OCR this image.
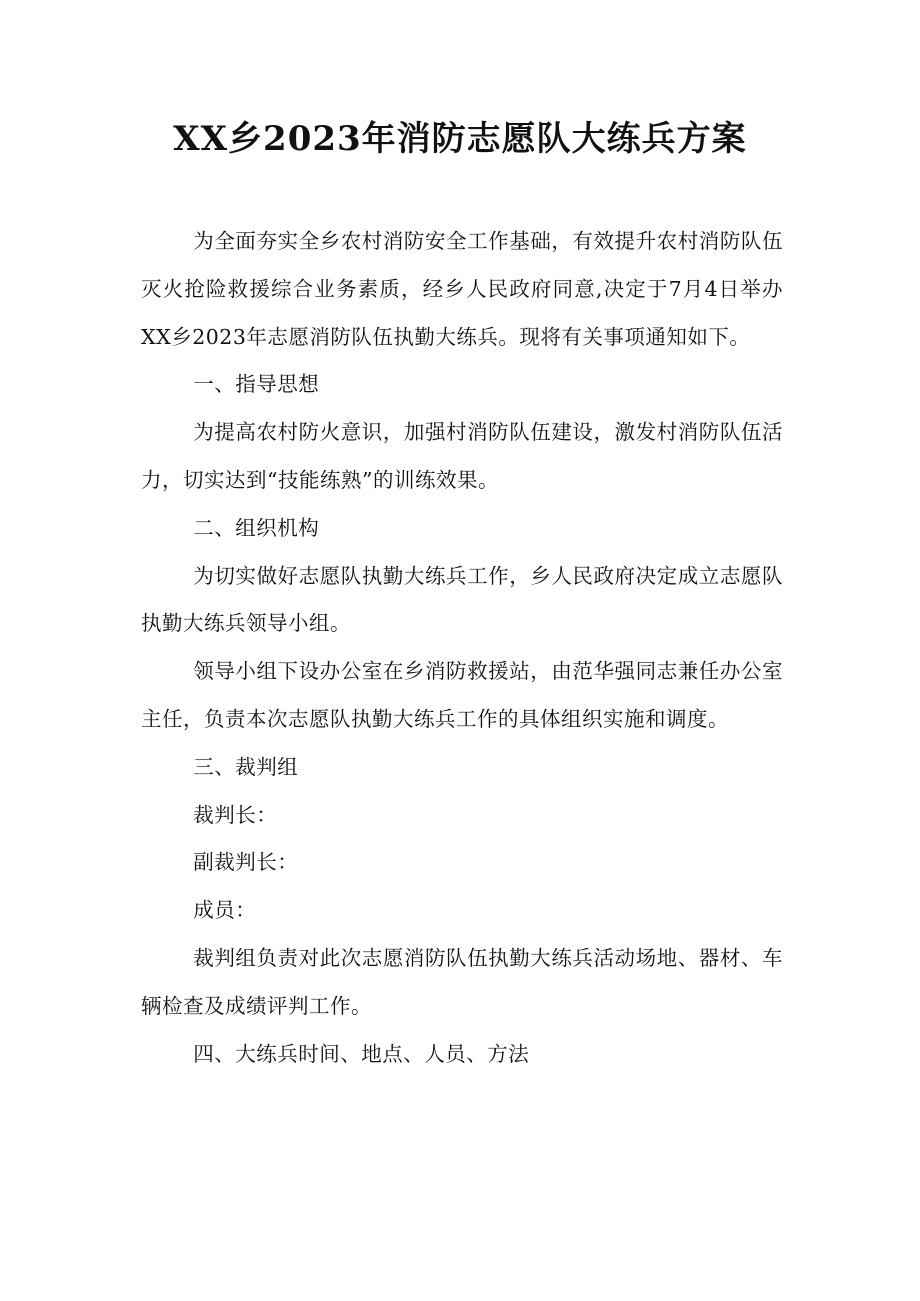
XX乡2023年消防志愿队大练兵方案

为全面夯实全乡农村消防安全工作基础，有效提升农村消防队伍灭火抢险救援综合业务素质，经乡人民政府同意,决定于7月4日举办XX乡2023年志愿消防队伍执勤大练兵。现将有关事项通知如下。

一、指导思想

为提高农村防火意识，加强村消防队伍建设，激发村消防队伍活力，切实达到“技能练熟”的训练效果。

二、组织机构

为切实做好志愿队执勤大练兵工作，乡人民政府决定成立志愿队执勤大练兵领导小组。

领导小组下设办公室在乡消防救援站，由范华强同志兼任办公室主任，负责本次志愿队执勤大练兵工作的具体组织实施和调度。

三、裁判组

裁判长：

副裁判长：

成员：

裁判组负责对此次志愿消防队伍执勤大练兵活动场地、器材、车辆检查及成绩评判工作。

四、大练兵时间、地点、人员、方法
